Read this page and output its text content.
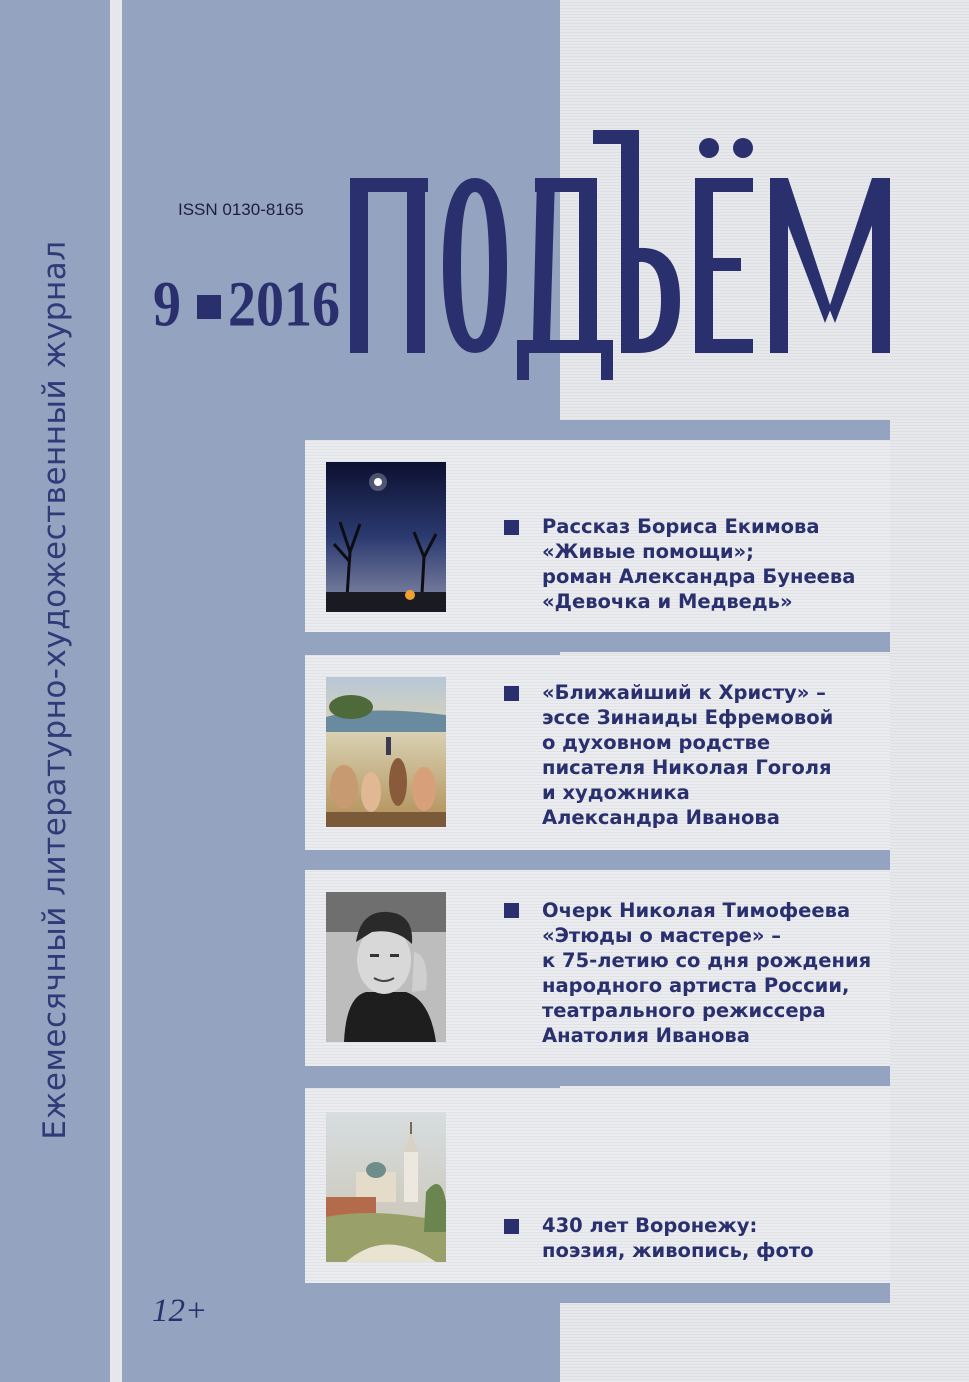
Ежемесячный литературно-художественный журнал
ISSN 0130-8165
9 2016
Рассказ Бориса Екимова
«Живые помощи»;
роман Александра Бунеева
«Девочка и Медведь»
«Ближайший к Христу» –
эссе Зинаиды Ефремовой
о духовном родстве
писателя Николая Гоголя
и художника
Александра Иванова
Очерк Николая Тимофеева
«Этюды о мастере» –
к 75-летию со дня рождения
народного артиста России,
театрального режиссера
Анатолия Иванова
430 лет Воронежу:
поэзия, живопись, фото
12+
